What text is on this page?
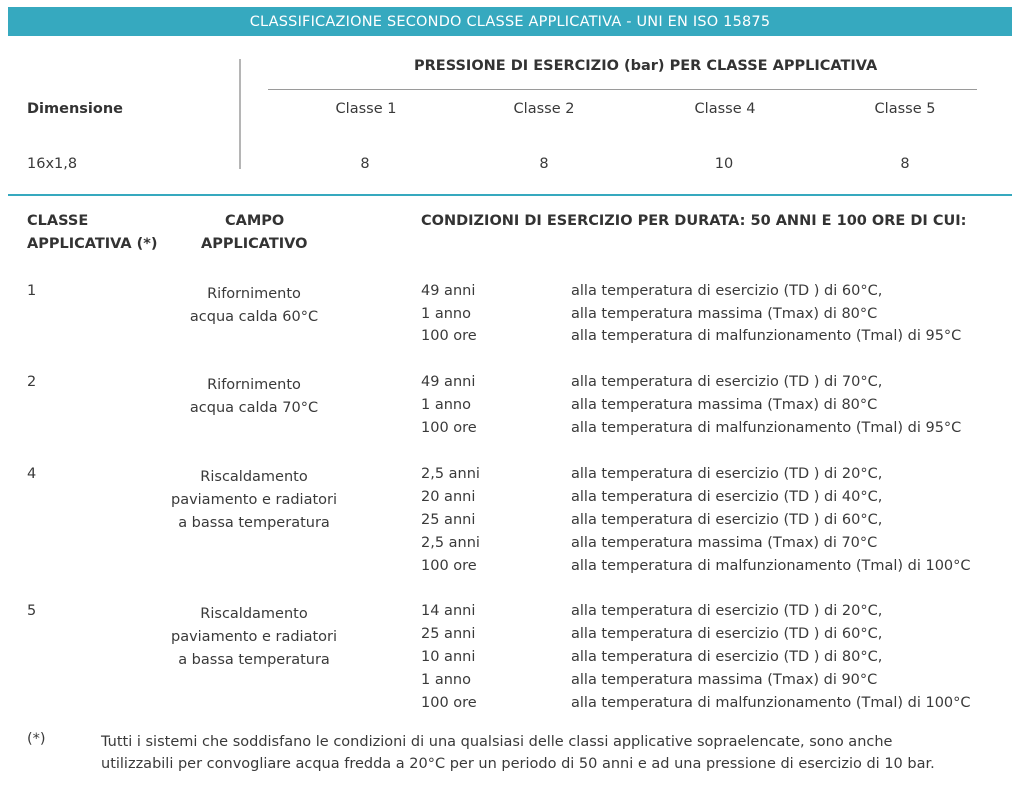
CLASSIFICAZIONE SECONDO CLASSE APPLICATIVA - UNI EN ISO 15875
Dimensione
PRESSIONE DI ESERCIZIO (bar) PER CLASSE APPLICATIVA
Classe 1	Classe 2	Classe 4	Classe 5
16x1,8	8	8	10	8
CLASSE
APPLICATIVA (*)
CAMPO
APPLICATIVO
CONDIZIONI DI ESERCIZIO PER DURATA: 50 ANNI E 100 ORE DI CUI:
1	Rifornimento
acqua calda 60°C
49 anni	alla temperatura di esercizio (TD ) di 60°C,
1 anno	alla temperatura massima (Tmax) di 80°C
100 ore	alla temperatura di malfunzionamento (Tmal) di 95°C
2	Rifornimento
acqua calda 70°C
49 anni	alla temperatura di esercizio (TD ) di 70°C,
1 anno	alla temperatura massima (Tmax) di 80°C
100 ore	alla temperatura di malfunzionamento (Tmal) di 95°C
4	Riscaldamento
paviamento e radiatori
a bassa temperatura
2,5 anni	alla temperatura di esercizio (TD ) di 20°C,
20 anni	alla temperatura di esercizio (TD ) di 40°C,
25 anni	alla temperatura di esercizio (TD ) di 60°C,
2,5 anni	alla temperatura massima (Tmax) di 70°C
100 ore	alla temperatura di malfunzionamento (Tmal) di 100°C
5	Riscaldamento
paviamento e radiatori
a bassa temperatura
14 anni	alla temperatura di esercizio (TD ) di 20°C,
25 anni	alla temperatura di esercizio (TD ) di 60°C,
10 anni	alla temperatura di esercizio (TD ) di 80°C,
1 anno	alla temperatura massima (Tmax) di 90°C
100 ore	alla temperatura di malfunzionamento (Tmal) di 100°C
(*)	Tutti i sistemi che soddisfano le condizioni di una qualsiasi delle classi applicative sopraelencate, sono anche
utilizzabili per convogliare acqua fredda a 20°C per un periodo di 50 anni e ad una pressione di esercizio di 10 bar.
